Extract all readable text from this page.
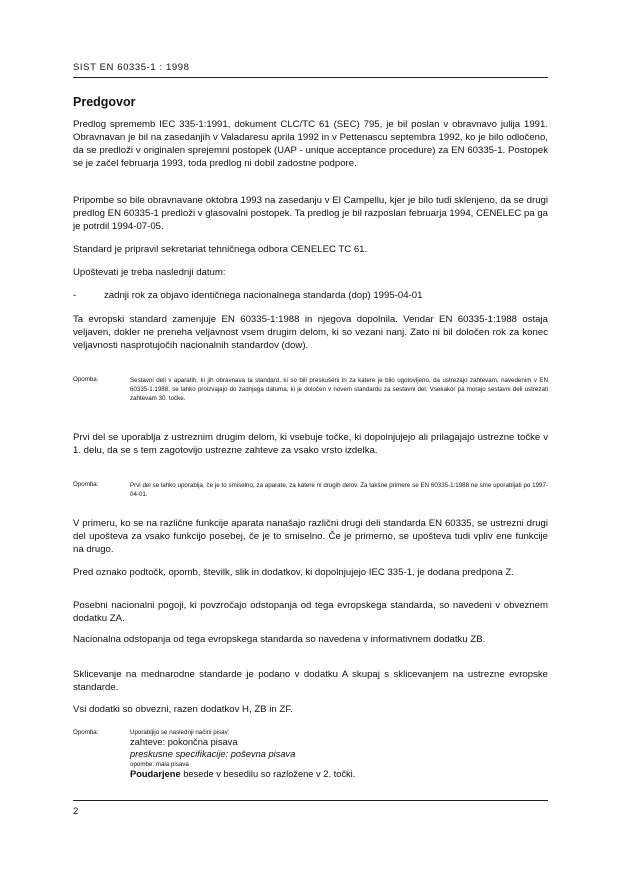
SIST EN 60335-1 : 1998
Predgovor
Predlog sprememb IEC 335-1:1991, dokument CLC/TC 61 (SEC) 795, je bil poslan v obravnavo julija 1991. Obravnavan je bil na zasedanjih v Valadaresu aprila 1992 in v Pettenascu septembra 1992, ko je bilo odločeno, da se predloži v originalen sprejemni postopek (UAP - unique acceptance procedure) za EN 60335-1. Postopek se je začel februarja 1993, toda predlog ni dobil zadostne podpore.
Pripombe so bile obravnavane oktobra 1993 na zasedanju v El Campellu, kjer je bilo tudi sklenjeno, da se drugi predlog EN 60335-1 predloži v glasovalni postopek. Ta predlog je bil razposlan februarja 1994, CENELEC pa ga je potrdil 1994-07-05.
Standard je pripravil sekretariat tehničnega odbora CENELEC TC 61.
Upoštevati je treba naslednji datum:
-	zadnji rok za objavo identičnega nacionalnega standarda (dop) 1995-04-01
Ta evropski standard zamenjuje EN 60335-1:1988 in njegova dopolnila. Vendar EN 60335-1:1988 ostaja veljaven, dokler ne preneha veljavnost vsem drugim delom, ki so vezani nanj. Zato ni bil določen rok za konec veljavnosti nasprotujočih nacionalnih standardov (dow).
Opomba:	Sestavni deli v aparatih, ki jih obravnava ta standard, ki so bili preskušeni in za katere je bilo ugotovljeno, da ustrezajo zahtevam, navedenim v EN 60335-1:1988, se lahko proizvajajo do zadnjega datuma, ki je določen v novem standardu za sestavni del. Vsekakor pa morajo sestavni deli ustrezati zahtevam 30. točke.
Prvi del se uporablja z ustreznim drugim delom, ki vsebuje točke, ki dopolnjujejo ali prilagajajo ustrezne točke v 1. delu, da se s tem zagotovijo ustrezne zahteve za vsako vrsto izdelka.
Opomba:	Prvi del se lahko uporablja, če je to smiselno, za aparate, za katere ni drugih delov. Za takšne primere se EN 60335-1:1988 ne sme uporabljati po 1997-04-01.
V primeru, ko se na različne funkcije aparata nanašajo različni drugi deli standarda EN 60335, se ustrezni drugi del upošteva za vsako funkcijo posebej, če je to smiselno. Če je primerno, se upošteva tudi vpliv ene funkcije na drugo.
Pred oznako podtočk, opomb, številk, slik in dodatkov, ki dopolnjujejo IEC 335-1, je dodana predpona Z.
Posebni nacionalni pogoji, ki povzročajo odstopanja od tega evropskega standarda, so navedeni v obveznem dodatku ZA.
Nacionalna odstopanja od tega evropskega standarda so navedena v informativnem dodatku ZB.
Sklicevanje na mednarodne standarde je podano v dodatku A skupaj s sklicevanjem na ustrezne evropske standarde.
Vsi dodatki so obvezni, razen dodatkov H, ZB in ZF.
Opomba:	Uporabljijo se naslednji načini pisav:
zahteve: pokončna pisava
preskusne specifikacije: poševna pisava
opombe: mala pisava
Poudarjene besede v besedilu so razložene v 2. točki.
2
